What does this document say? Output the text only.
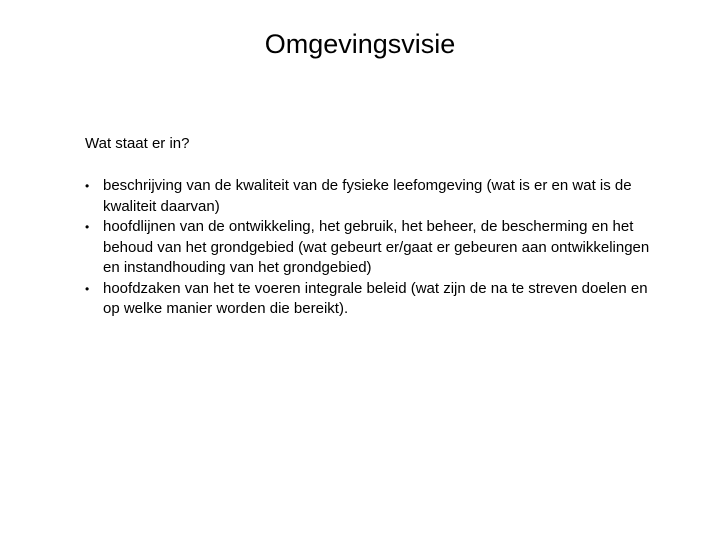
Omgevingsvisie

Wat staat er in?

• beschrijving van de kwaliteit van de fysieke leefomgeving (wat is er en wat is de kwaliteit daarvan)
• hoofdlijnen van de ontwikkeling, het gebruik, het beheer, de bescherming en het behoud van het grondgebied (wat gebeurt er/gaat er gebeuren aan ontwikkelingen en instandhouding van het grondgebied)
• hoofdzaken van het te voeren integrale beleid (wat zijn de na te streven doelen en op welke manier worden die bereikt).
